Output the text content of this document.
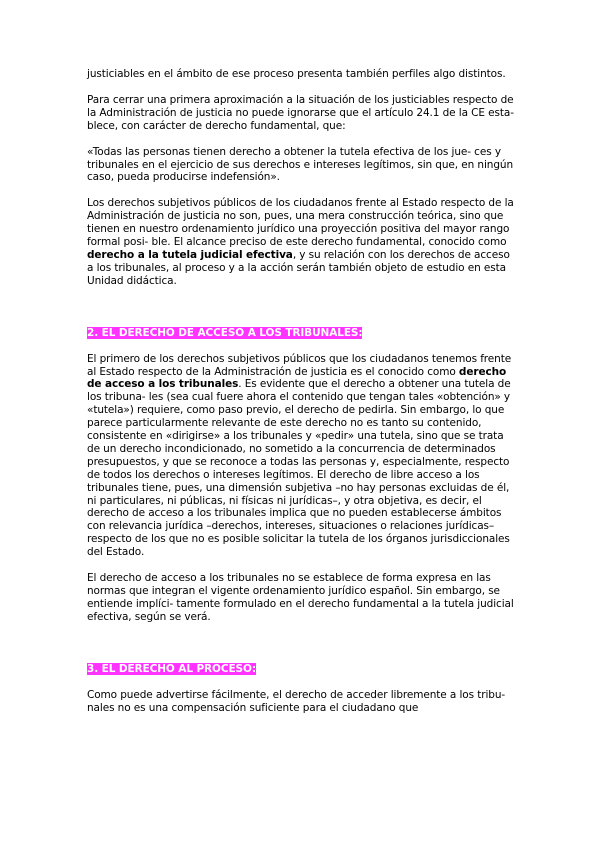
justiciables en el ámbito de ese proceso presenta también perfiles algo distintos.

Para cerrar una primera aproximación a la situación de los justiciables respecto de la Administración de justicia no puede ignorarse que el artículo 24.1 de la CE esta- blece, con carácter de derecho fundamental, que:

«Todas las personas tienen derecho a obtener la tutela efectiva de los jue- ces y tribunales en el ejercicio de sus derechos e intereses legítimos, sin que, en ningún caso, pueda producirse indefensión».

Los derechos subjetivos públicos de los ciudadanos frente al Estado respecto de la Administración de justicia no son, pues, una mera construcción teórica, sino que tienen en nuestro ordenamiento jurídico una proyección positiva del mayor rango formal posi- ble. El alcance preciso de este derecho fundamental, conocido como derecho a la tutela judicial efectiva, y su relación con los derechos de acceso a los tribunales, al proceso y a la acción serán también objeto de estudio en esta Unidad didáctica.

2. EL DERECHO DE ACCESO A LOS TRIBUNALES:

El primero de los derechos subjetivos públicos que los ciudadanos tenemos frente al Estado respecto de la Administración de justicia es el conocido como derecho de acceso a los tribunales. Es evidente que el derecho a obtener una tutela de los tribuna- les (sea cual fuere ahora el contenido que tengan tales «obtención» y «tutela») requiere, como paso previo, el derecho de pedirla. Sin embargo, lo que parece particularmente relevante de este derecho no es tanto su contenido, consistente en «dirigirse» a los tribunales y «pedir» una tutela, sino que se trata de un derecho incondicionado, no sometido a la concurrencia de determinados presupuestos, y que se reconoce a todas las personas y, especialmente, respecto de todos los derechos o intereses legítimos. El derecho de libre acceso a los tribunales tiene, pues, una dimensión subjetiva –no hay personas excluidas de él, ni particulares, ni públicas, ni físicas ni jurídicas–, y otra objetiva, es decir, el derecho de acceso a los tribunales implica que no pueden establecerse ámbitos con relevancia jurídica –derechos, intereses, situaciones o relaciones jurídicas– respecto de los que no es posible solicitar la tutela de los órganos jurisdiccionales del Estado.

El derecho de acceso a los tribunales no se establece de forma expresa en las normas que integran el vigente ordenamiento jurídico español. Sin embargo, se entiende implíci- tamente formulado en el derecho fundamental a la tutela judicial efectiva, según se verá.

3. EL DERECHO AL PROCESO:

Como puede advertirse fácilmente, el derecho de acceder libremente a los tribu- nales no es una compensación suficiente para el ciudadano que
